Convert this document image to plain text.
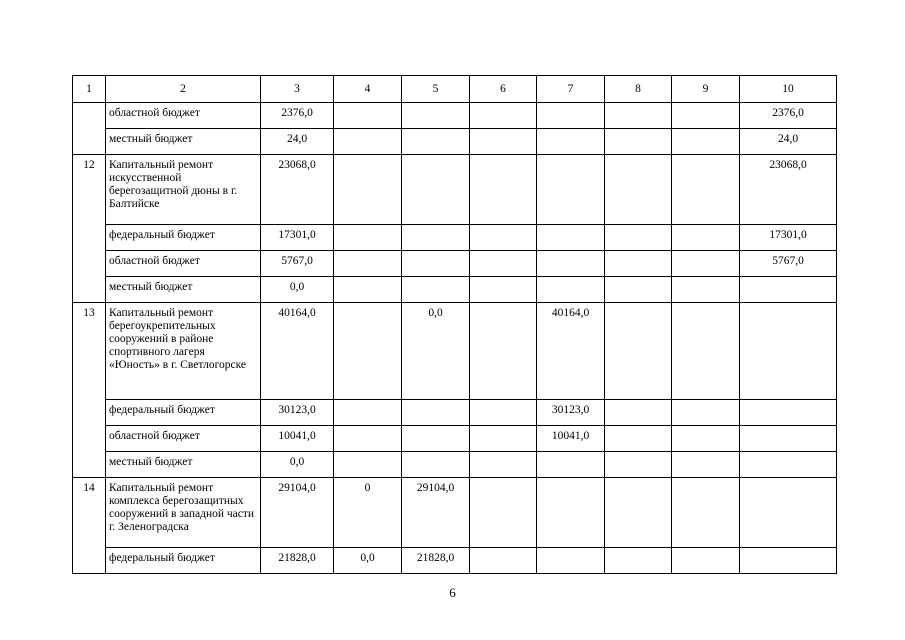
1	2	3	4	5	6	7	8	9	10
	областной бюджет	2376,0							2376,0
	местный бюджет	24,0							24,0
12	Капитальный ремонт искусственной берегозащитной дюны в г. Балтийске	23068,0							23068,0
	федеральный бюджет	17301,0							17301,0
	областной бюджет	5767,0							5767,0
	местный бюджет	0,0							
13	Капитальный ремонт берегоукрепительных сооружений в районе спортивного лагеря «Юность» в г. Светлогорске	40164,0		0,0		40164,0			
	федеральный бюджет	30123,0				30123,0			
	областной бюджет	10041,0				10041,0			
	местный бюджет	0,0							
14	Капитальный ремонт комплекса берегозащитных сооружений в западной части г. Зеленоградска	29104,0	0	29104,0					
	федеральный бюджет	21828,0	0,0	21828,0					
6
